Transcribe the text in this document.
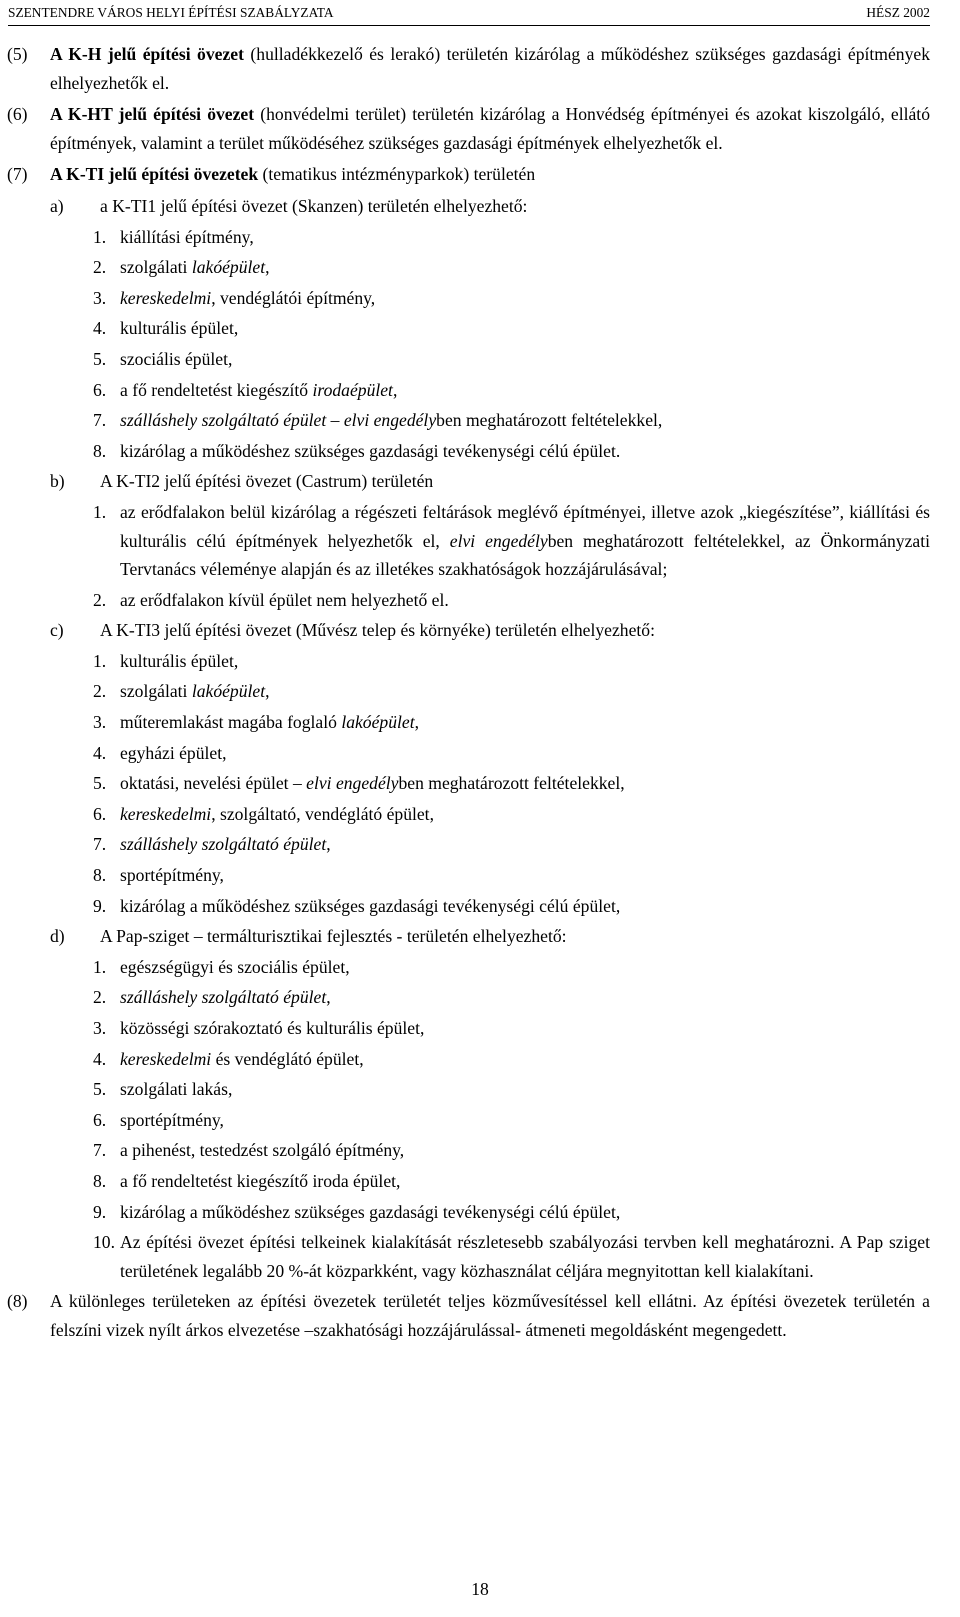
SZENTENDRE VÁROS HELYI ÉPÍTÉSI SZABÁLYZATA	HÉSZ 2002
(5) A K-H jelű építési övezet (hulladékkezelő és lerakó) területén kizárólag a működéshez szükséges gazdasági építmények elhelyezhetők el.
(6) A K-HT jelű építési övezet (honvédelmi terület) területén kizárólag a Honvédség építményei és azokat kiszolgáló, ellátó építmények, valamint a terület működéséhez szükséges gazdasági építmények elhelyezhetők el.
(7) A K-TI jelű építési övezetek (tematikus intézményparkok) területén
a) a K-TI1 jelű építési övezet (Skanzen) területén elhelyezhető:
1. kiállítási építmény,
2. szolgálati lakóépület,
3. kereskedelmi, vendéglátói építmény,
4. kulturális épület,
5. szociális épület,
6. a fő rendeltetést kiegészítő irodaépület,
7. szálláshely szolgáltató épület – elvi engedélyben meghatározott feltételekkel,
8. kizárólag a működéshez szükséges gazdasági tevékenységi célú épület.
b) A K-TI2 jelű építési övezet (Castrum) területén
1. az erődfalakon belül kizárólag a régészeti feltárások meglévő építményei, illetve azok „kiegészítése”, kiállítási és kulturális célú építmények helyezhetők el, elvi engedélyben meghatározott feltételekkel, az Önkormányzati Tervtanács véleménye alapján és az illetékes szakhatóságok hozzájárulásával;
2. az erődfalakon kívül épület nem helyezhető el.
c) A K-TI3 jelű építési övezet (Művész telep és környéke) területén elhelyezhető:
1. kulturális épület,
2. szolgálati lakóépület,
3. műteremlakást magába foglaló lakóépület,
4. egyházi épület,
5. oktatási, nevelési épület – elvi engedélyben meghatározott feltételekkel,
6. kereskedelmi, szolgáltató, vendéglátó épület,
7. szálláshely szolgáltató épület,
8. sportépítmény,
9. kizárólag a működéshez szükséges gazdasági tevékenységi célú épület,
d) A Pap-sziget – termálturisztikai fejlesztés - területén elhelyezhető:
1. egészségügyi és szociális épület,
2. szálláshely szolgáltató épület,
3. közösségi szórakoztató és kulturális épület,
4. kereskedelmi és vendéglátó épület,
5. szolgálati lakás,
6. sportépítmény,
7. a pihenést, testedzést szolgáló építmény,
8. a fő rendeltetést kiegészítő iroda épület,
9. kizárólag a működéshez szükséges gazdasági tevékenységi célú épület,
10. Az építési övezet építési telkeinek kialakítását részletesebb szabályozási tervben kell meghatározni. A Pap sziget területének legalább 20 %-át közparkként, vagy közhasználat céljára megnyitottan kell kialakítani.
(8) A különleges területeken az építési övezetek területét teljes közművesítéssel kell ellátni. Az építési övezetek területén a felszíni vizek nyílt árkos elvezetése –szakhatósági hozzájárulással- átmeneti megoldásként megengedett.
18
